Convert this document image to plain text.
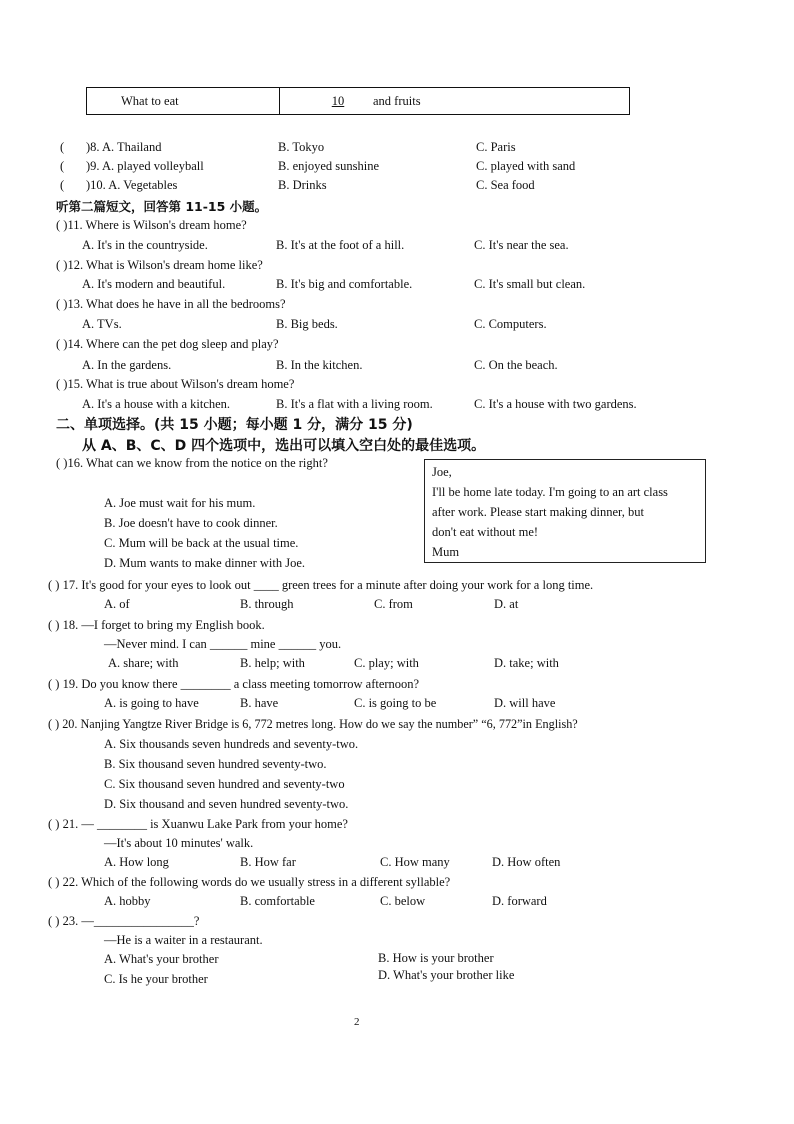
What to eat	10	and fruits
( )8. A. Thailand	B. Tokyo	C. Paris
( )9. A. played volleyball	B. enjoyed sunshine	C. played with sand
( )10. A. Vegetables	B. Drinks	C. Sea food
听第二篇短文，回答第 11-15 小题。
( )11. Where is Wilson's dream home?
A. It's in the countryside.	B. It's at the foot of a hill.	C. It's near the sea.
( )12. What is Wilson's dream home like?
A. It's modern and beautiful.	B. It's big and comfortable.	C. It's small but clean.
( )13. What does he have in all the bedrooms?
A. TVs.	B. Big beds.	C. Computers.
( )14. Where can the pet dog sleep and play?
A. In the gardens.	B. In the kitchen.	C. On the beach.
( )15. What is true about Wilson's dream home?
A. It's a house with a kitchen.	B. It's a flat with a living room.	C. It's a house with two gardens.
二、单项选择。(共 15 小题；每小题 1 分，满分 15 分)
从 A、B、C、D 四个选项中，选出可以填入空白处的最佳选项。
( )16. What can we know from the notice on the right?
A. Joe must wait for his mum.
B. Joe doesn't have to cook dinner.
C. Mum will be back at the usual time.
D. Mum wants to make dinner with Joe.
Joe,
I'll be home late today. I'm going to an art class
after work. Please start making dinner, but
don't eat without me!
Mum
( ) 17. It's good for your eyes to look out ____ green trees for a minute after doing your work for a long time.
A. of	B. through	C. from	D. at
( ) 18. —I forget to bring my English book.
—Never mind. I can ______ mine ______ you.
A. share; with	B. help; with	C. play; with	D. take; with
( ) 19. Do you know there ________ a class meeting tomorrow afternoon?
A. is going to have	B. have	C. is going to be	D. will have
( ) 20. Nanjing Yangtze River Bridge is 6, 772 metres long. How do we say the number” “6, 772”in English?
A. Six thousands seven hundreds and seventy-two.
B. Six thousand seven hundred seventy-two.
C. Six thousand seven hundred and seventy-two
D. Six thousand and seven hundred seventy-two.
( ) 21. — ________ is Xuanwu Lake Park from your home?
—It's about 10 minutes' walk.
A. How long	B. How far	C. How many	D. How often
( ) 22. Which of the following words do we usually stress in a different syllable?
A. hobby	B. comfortable	C. below	D. forward
( ) 23. —________________?
—He is a waiter in a restaurant.
A. What's your brother	B. How is your brother
C. Is he your brother	D. What's your brother like
2
